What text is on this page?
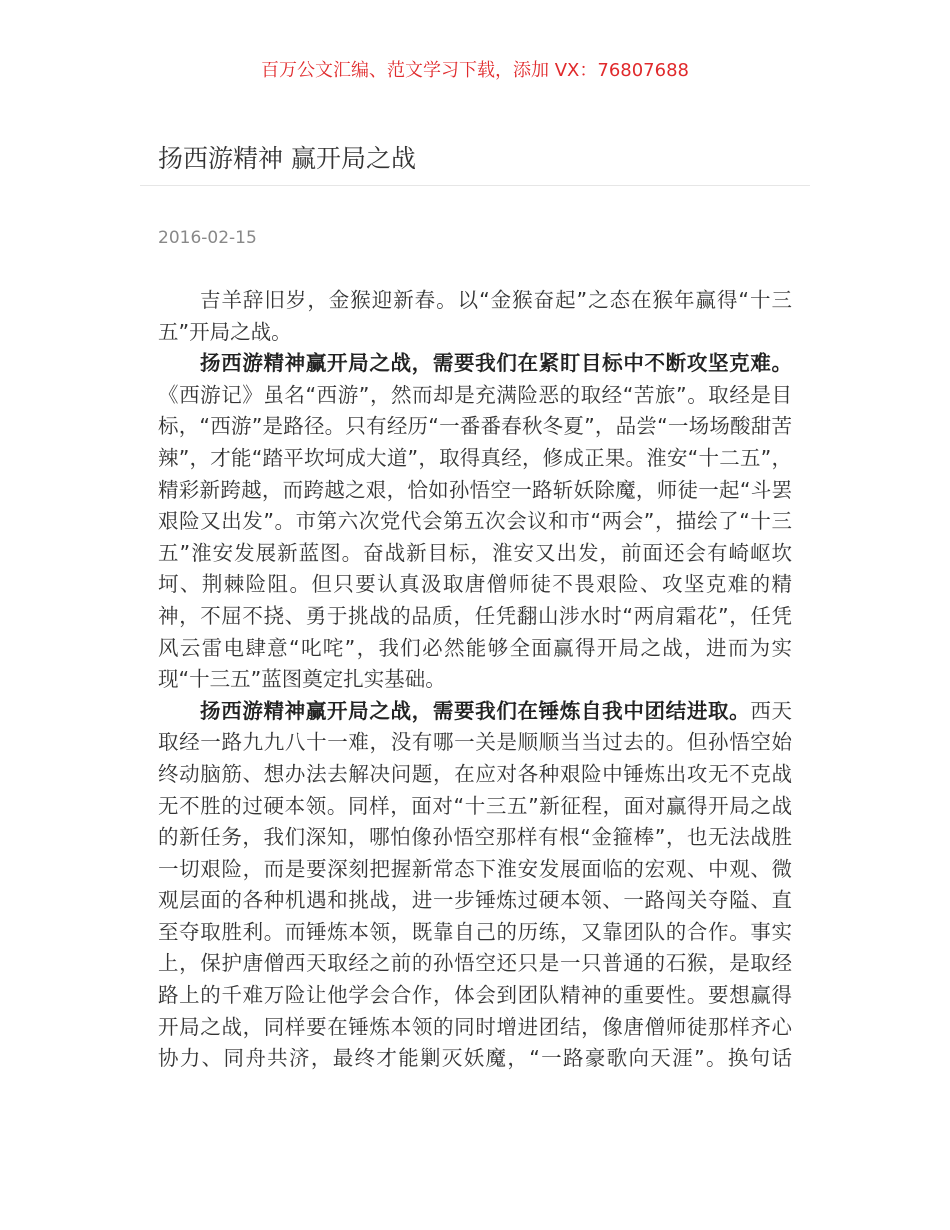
百万公文汇编、范文学习下载，添加 VX：76807688
扬西游精神 赢开局之战
2016-02-15
吉羊辞旧岁，金猴迎新春。以“金猴奋起”之态在猴年赢得“十三
五”开局之战。
扬西游精神赢开局之战，需要我们在紧盯目标中不断攻坚克难。
《西游记》虽名“西游”，然而却是充满险恶的取经“苦旅”。取经是目
标，“西游”是路径。只有经历“一番番春秋冬夏”，品尝“一场场酸甜苦
辣”，才能“踏平坎坷成大道”，取得真经，修成正果。淮安“十二五”，
精彩新跨越，而跨越之艰，恰如孙悟空一路斩妖除魔，师徒一起“斗罢
艰险又出发”。市第六次党代会第五次会议和市“两会”，描绘了“十三
五”淮安发展新蓝图。奋战新目标，淮安又出发，前面还会有崎岖坎
坷、荆棘险阻。但只要认真汲取唐僧师徒不畏艰险、攻坚克难的精
神，不屈不挠、勇于挑战的品质，任凭翻山涉水时“两肩霜花”，任凭
风云雷电肆意“叱咤”，我们必然能够全面赢得开局之战，进而为实
现“十三五”蓝图奠定扎实基础。
扬西游精神赢开局之战，需要我们在锤炼自我中团结进取。西天
取经一路九九八十一难，没有哪一关是顺顺当当过去的。但孙悟空始
终动脑筋、想办法去解决问题，在应对各种艰险中锤炼出攻无不克战
无不胜的过硬本领。同样，面对“十三五”新征程，面对赢得开局之战
的新任务，我们深知，哪怕像孙悟空那样有根“金箍棒”，也无法战胜
一切艰险，而是要深刻把握新常态下淮安发展面临的宏观、中观、微
观层面的各种机遇和挑战，进一步锤炼过硬本领、一路闯关夺隘、直
至夺取胜利。而锤炼本领，既靠自己的历练，又靠团队的合作。事实
上，保护唐僧西天取经之前的孙悟空还只是一只普通的石猴，是取经
路上的千难万险让他学会合作，体会到团队精神的重要性。要想赢得
开局之战，同样要在锤炼本领的同时增进团结，像唐僧师徒那样齐心
协力、同舟共济，最终才能剿灭妖魔，“一路豪歌向天涯”。换句话
